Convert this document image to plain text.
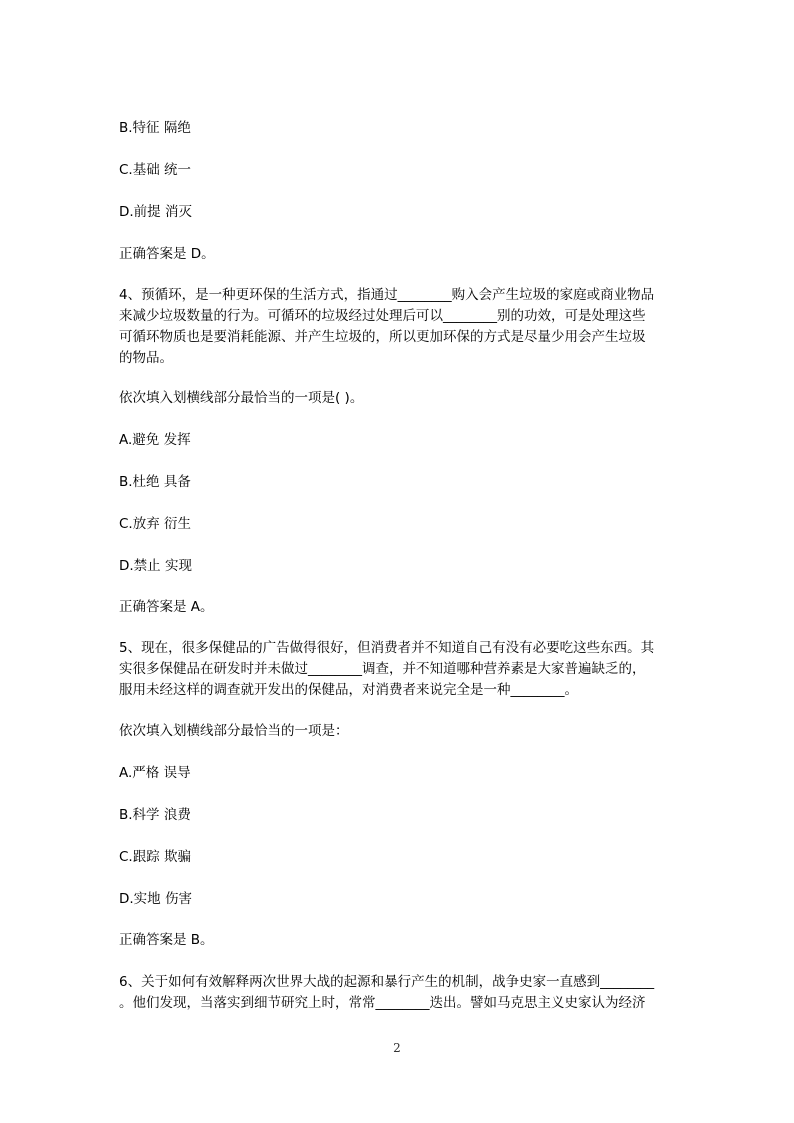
B.特征 隔绝

C.基础 统一

D.前提 消灭

正确答案是 D。

4、预循环，是一种更环保的生活方式，指通过________购入会产生垃圾的家庭或商业物品
来减少垃圾数量的行为。可循环的垃圾经过处理后可以________别的功效，可是处理这些
可循环物质也是要消耗能源、并产生垃圾的，所以更加环保的方式是尽量少用会产生垃圾
的物品。

依次填入划横线部分最恰当的一项是( )。

A.避免 发挥

B.杜绝 具备

C.放弃 衍生

D.禁止 实现

正确答案是 A。

5、现在，很多保健品的广告做得很好，但消费者并不知道自己有没有必要吃这些东西。其
实很多保健品在研发时并未做过________调查，并不知道哪种营养素是大家普遍缺乏的，
服用未经这样的调查就开发出的保健品，对消费者来说完全是一种________。

依次填入划横线部分最恰当的一项是：

A.严格 误导

B.科学 浪费

C.跟踪 欺骗

D.实地 伤害

正确答案是 B。

6、关于如何有效解释两次世界大战的起源和暴行产生的机制，战争史家一直感到________
。他们发现，当落实到细节研究上时，常常________迭出。譬如马克思主义史家认为经济
2
